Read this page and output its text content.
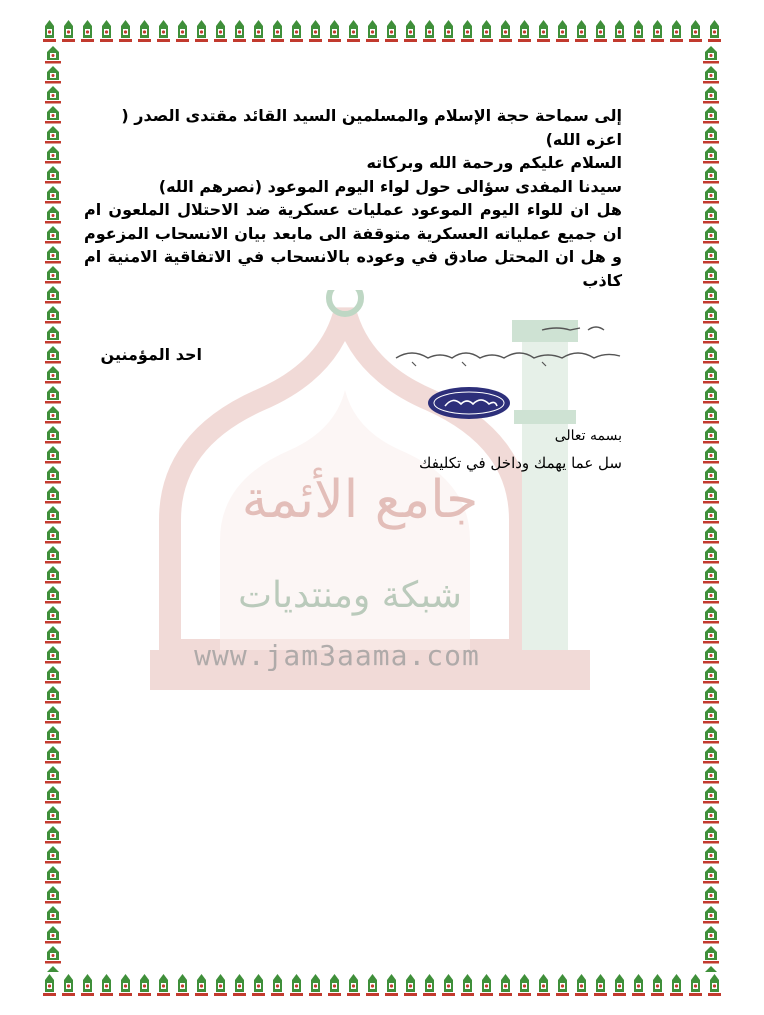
جامع الأئمة
شبكة ومنتديات
www.jam3aama.com

إلى سماحة حجة الإسلام والمسلمين السيد القائد مقتدى الصدر (

اعزه الله)

السلام عليكم ورحمة الله وبركاته

سيدنا المفدى سؤالى حول لواء اليوم الموعود (نصرهم الله)

هل ان للواء اليوم الموعود عمليات عسكرية ضد الاحتلال الملعون ام ان جميع عملياته العسكرية متوقفة الى مابعد بيان الانسحاب المزعوم و هل ان المحتل صادق في وعوده بالانسحاب في الاتفاقية الامنية ام كاذب

احد المؤمنين
بسمه تعالى
سل عما يهمك وداخل في تكليفك
